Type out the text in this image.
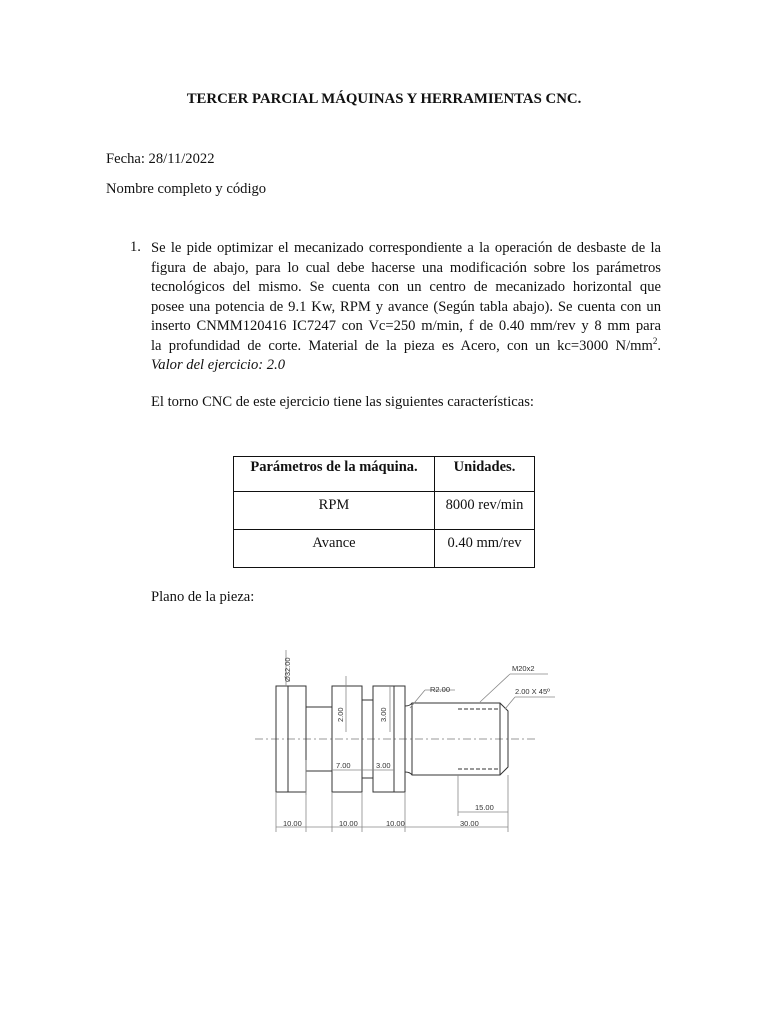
TERCER PARCIAL MÁQUINAS Y HERRAMIENTAS CNC.
Fecha: 28/11/2022
Nombre completo y código
1. Se le pide optimizar el mecanizado correspondiente a la operación de desbaste de la
figura de abajo, para lo cual debe hacerse una modificación sobre los parámetros
tecnológicos del mismo. Se cuenta con un centro de mecanizado horizontal que
posee una potencia de 9.1 Kw, RPM y avance (Según tabla abajo). Se cuenta con un
inserto CNMM120416 IC7247 con Vc=250 m/min, f de 0.40 mm/rev y 8 mm para
la profundidad de corte. Material de la pieza es Acero, con un kc=3000 $N/mm^2$.
Valor del ejercicio: 2.0
El torno CNC de este ejercicio tiene las siguientes características:
Parámetros de la máquina.	Unidades.
RPM	8000 rev/min
Avance	0.40 mm/rev
Plano de la pieza:
Ø32.00	M20x2
R2.00	2.00 X 45º
2.00	3.00
7.00	3.00
10.00	10.00	10.00	30.00
15.00
